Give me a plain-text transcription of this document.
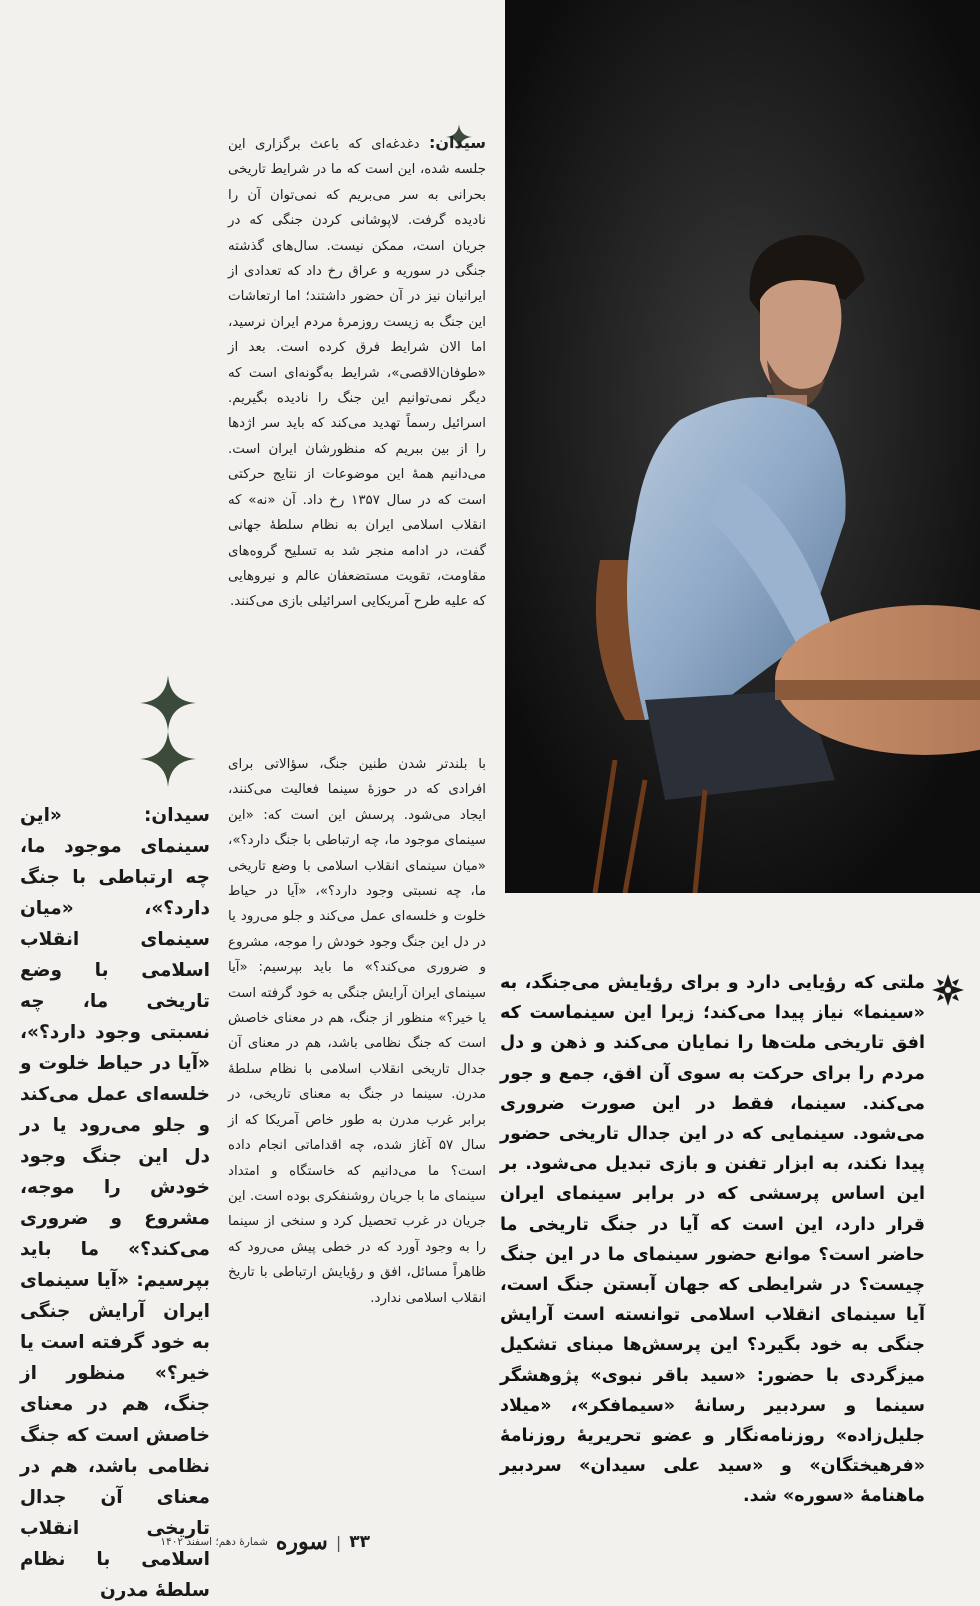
سیدان: دغدغه‌ای که باعث برگزاری این جلسه شده، این است که ما در شرایط تاریخی بحرانی به سر می‌بریم که نمی‌توان آن را نادیده گرفت. لاپوشانی کردن جنگی که در جریان است، ممکن نیست. سال‌های گذشته جنگی در سوریه و عراق رخ داد که تعدادی از ایرانیان نیز در آن حضور داشتند؛ اما ارتعاشات این جنگ به زیست روزمرهٔ مردم ایران نرسید، اما الان شرایط فرق کرده است. بعد از «طوفان‌الاقصی»، شرایط به‌گونه‌ای است که دیگر نمی‌توانیم این جنگ را نادیده بگیریم. اسرائیل رسماً تهدید می‌کند که باید سر اژدها را از بین ببریم که منظورشان ایران است. می‌دانیم همهٔ این موضوعات از نتایج حرکتی است که در سال ۱۳۵۷ رخ داد. آن «نه» که انقلاب اسلامی ایران به نظام سلطهٔ جهانی گفت، در ادامه منجر شد به تسلیح گروه‌های مقاومت، تقویت مستضعفان عالم و نیروهایی که علیه طرح آمریکایی اسرائیلی بازی می‌کنند.

سیدان: «این سینمای موجود ما، چه ارتباطی با جنگ دارد؟»، «میان سینمای انقلاب اسلامی با وضع تاریخی ما، چه نسبتی وجود دارد؟»، «آیا در حیاط خلوت و خلسه‌ای عمل می‌کند و جلو می‌رود یا در دل این جنگ وجود خودش را موجه، مشروع و ضروری می‌کند؟» ما باید بپرسیم: «آیا سینمای ایران آرایش جنگی به خود گرفته است یا خیر؟» منظور از جنگ، هم در معنای خاصش است که جنگ نظامی باشد، هم در معنای آن جدال تاریخی انقلاب اسلامی با نظام سلطهٔ مدرن

با بلندتر شدن طنین جنگ، سؤالاتی برای افرادی که در حوزهٔ سینما فعالیت می‌کنند، ایجاد می‌شود. پرسش این است که: «این سینمای موجود ما، چه ارتباطی با جنگ دارد؟»، «میان سینمای انقلاب اسلامی با وضع تاریخی ما، چه نسبتی وجود دارد؟»، «آیا در حیاط خلوت و خلسه‌ای عمل می‌کند و جلو می‌رود یا در دل این جنگ وجود خودش را موجه، مشروع و ضروری می‌کند؟» ما باید بپرسیم: «آیا سینمای ایران آرایش جنگی به خود گرفته است یا خیر؟» منظور از جنگ، هم در معنای خاصش است که جنگ نظامی باشد، هم در معنای آن جدال تاریخی انقلاب اسلامی با نظام سلطهٔ مدرن. سینما در جنگ به معنای تاریخی، در برابر غرب مدرن به طور خاص آمریکا که از سال ۵۷ آغاز شده، چه اقداماتی انجام داده است؟ ما می‌دانیم که خاستگاه و امتداد سینمای ما با جریان روشنفکری بوده است. این جریان در غرب تحصیل کرد و سنخی از سینما را به وجود آورد که در خطی پیش می‌رود که ظاهراً مسائل، افق و رؤیایش ارتباطی با تاریخ انقلاب اسلامی ندارد.

ملتی که رؤیایی دارد و برای رؤیایش می‌جنگد، به «سینما» نیاز پیدا می‌کند؛ زیرا این سینماست که افق تاریخی ملت‌ها را نمایان می‌کند و ذهن و دل مردم را برای حرکت به سوی آن افق، جمع و جور می‌کند. سینما، فقط در این صورت ضروری می‌شود. سینمایی که در این جدال تاریخی حضور پیدا نکند، به ابزار تفنن و بازی تبدیل می‌شود. بر این اساس پرسشی که در برابر سینمای ایران قرار دارد، این است که آیا در جنگ تاریخی ما حاضر است؟ موانع حضور سینمای ما در این جنگ چیست؟ در شرایطی که جهان آبستن جنگ است، آیا سینمای انقلاب اسلامی توانسته است آرایش جنگی به خود بگیرد؟ این پرسش‌ها مبنای تشکیل میزگردی با حضور: «سید باقر نبوی» پژوهشگر سینما و سردبیر رسانهٔ «سیمافکر»، «میلاد جلیل‌زاده» روزنامه‌نگار و عضو تحریریهٔ روزنامهٔ «فرهیختگان» و «سید علی سیدان» سردبیر ماهنامهٔ «سوره» شد.
۳۳
|
سوره
شمارهٔ دهم؛ اسفند ۱۴۰۲
